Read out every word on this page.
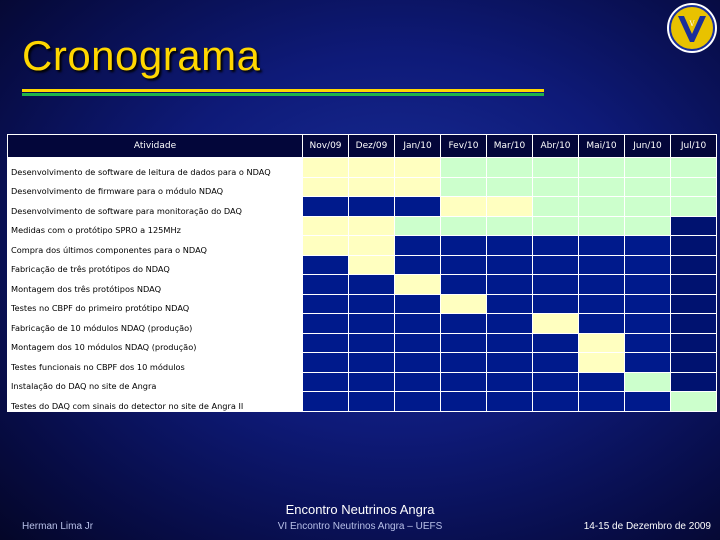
Cronograma
V
Atividade	Nov/09	Dez/09	Jan/10	Fev/10	Mar/10	Abr/10	Mai/10	Jun/10	Jul/10
Desenvolvimento de software de leitura de dados para o NDAQ									
Desenvolvimento de firmware para o módulo NDAQ									
Desenvolvimento de software para monitoração do DAQ									
Medidas com o protótipo SPRO a 125MHz									
Compra dos últimos componentes para o NDAQ									
Fabricação de três protótipos do NDAQ									
Montagem dos três protótipos NDAQ									
Testes no CBPF do primeiro protótipo NDAQ									
Fabricação de 10 módulos NDAQ (produção)									
Montagem dos 10 módulos NDAQ (produção)									
Testes funcionais no CBPF dos 10 módulos									
Instalação do DAQ no site de Angra									
Testes do DAQ com sinais do detector no site de Angra II									
Encontro Neutrinos Angra
Herman Lima Jr	VI Encontro Neutrinos Angra – UEFS	14-15 de Dezembro de 2009
